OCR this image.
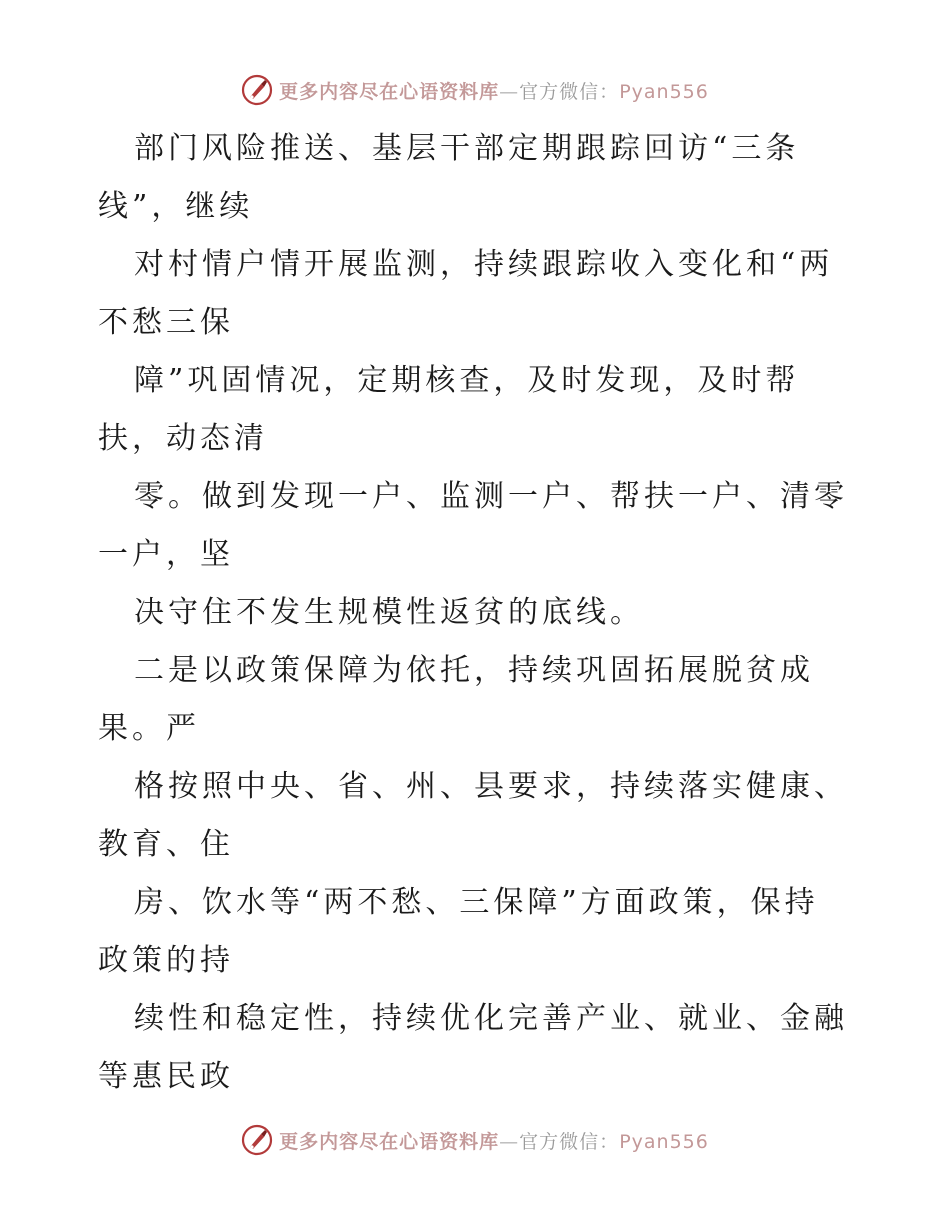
更多内容尽在心语资料库—官方微信：Pyan556
部门风险推送、基层干部定期跟踪回访“三条
线”，继续
对村情户情开展监测，持续跟踪收入变化和“两
不愁三保
障”巩固情况，定期核查，及时发现，及时帮
扶，动态清
零。做到发现一户、监测一户、帮扶一户、清零
一户，坚
决守住不发生规模性返贫的底线。
二是以政策保障为依托，持续巩固拓展脱贫成
果。严
格按照中央、省、州、县要求，持续落实健康、
教育、住
房、饮水等“两不愁、三保障”方面政策，保持
政策的持
续性和稳定性，持续优化完善产业、就业、金融
等惠民政
更多内容尽在心语资料库—官方微信：Pyan556
